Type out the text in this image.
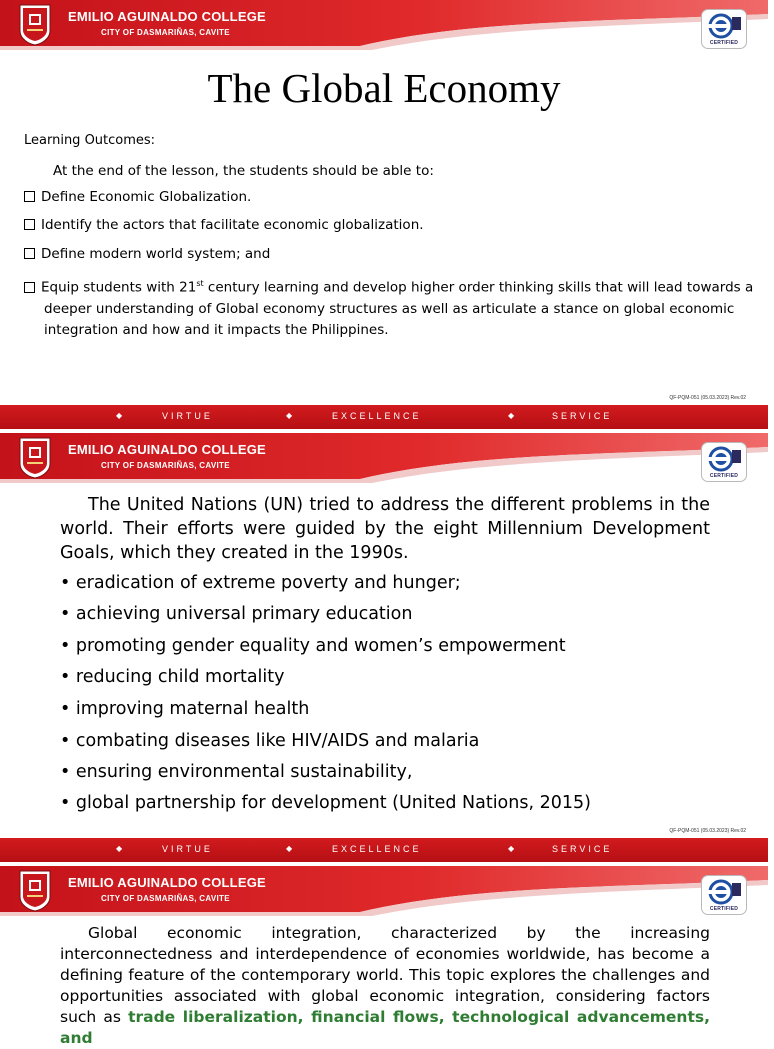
EMILIO AGUINALDO COLLEGE
CITY OF DASMARIÑAS, CAVITE
CERTIFIED
The Global Economy
Learning Outcomes:
At the end of the lesson, the students should be able to:
Define Economic Globalization.
Identify the actors that facilitate economic globalization.
Define modern world system; and
Equip students with 21st century learning and develop higher order thinking skills that will lead towards a deeper understanding of Global economy structures as well as articulate a stance on global economic integration and how and it impacts the Philippines.
QF-PQM-051 (05.03.2023) Rev.02
◆	VIRTUE	◆	EXCELLENCE	◆	SERVICE
EMILIO AGUINALDO COLLEGE
CITY OF DASMARIÑAS, CAVITE
CERTIFIED
The United Nations (UN) tried to address the different problems in the world. Their efforts were guided by the eight Millennium Development Goals, which they created in the 1990s.
• eradication of extreme poverty and hunger;
• achieving universal primary education
• promoting gender equality and women’s empowerment
• reducing child mortality
• improving maternal health
• combating diseases like HIV/AIDS and malaria
• ensuring environmental sustainability,
• global partnership for development (United Nations, 2015)
QF-PQM-051 (05.03.2023) Rev.02
◆	VIRTUE	◆	EXCELLENCE	◆	SERVICE
EMILIO AGUINALDO COLLEGE
CITY OF DASMARIÑAS, CAVITE
CERTIFIED
Global economic integration, characterized by the increasing interconnectedness and interdependence of economies worldwide, has become a defining feature of the contemporary world. This topic explores the challenges and opportunities associated with global economic integration, considering factors such as trade liberalization, financial flows, technological advancements, and
